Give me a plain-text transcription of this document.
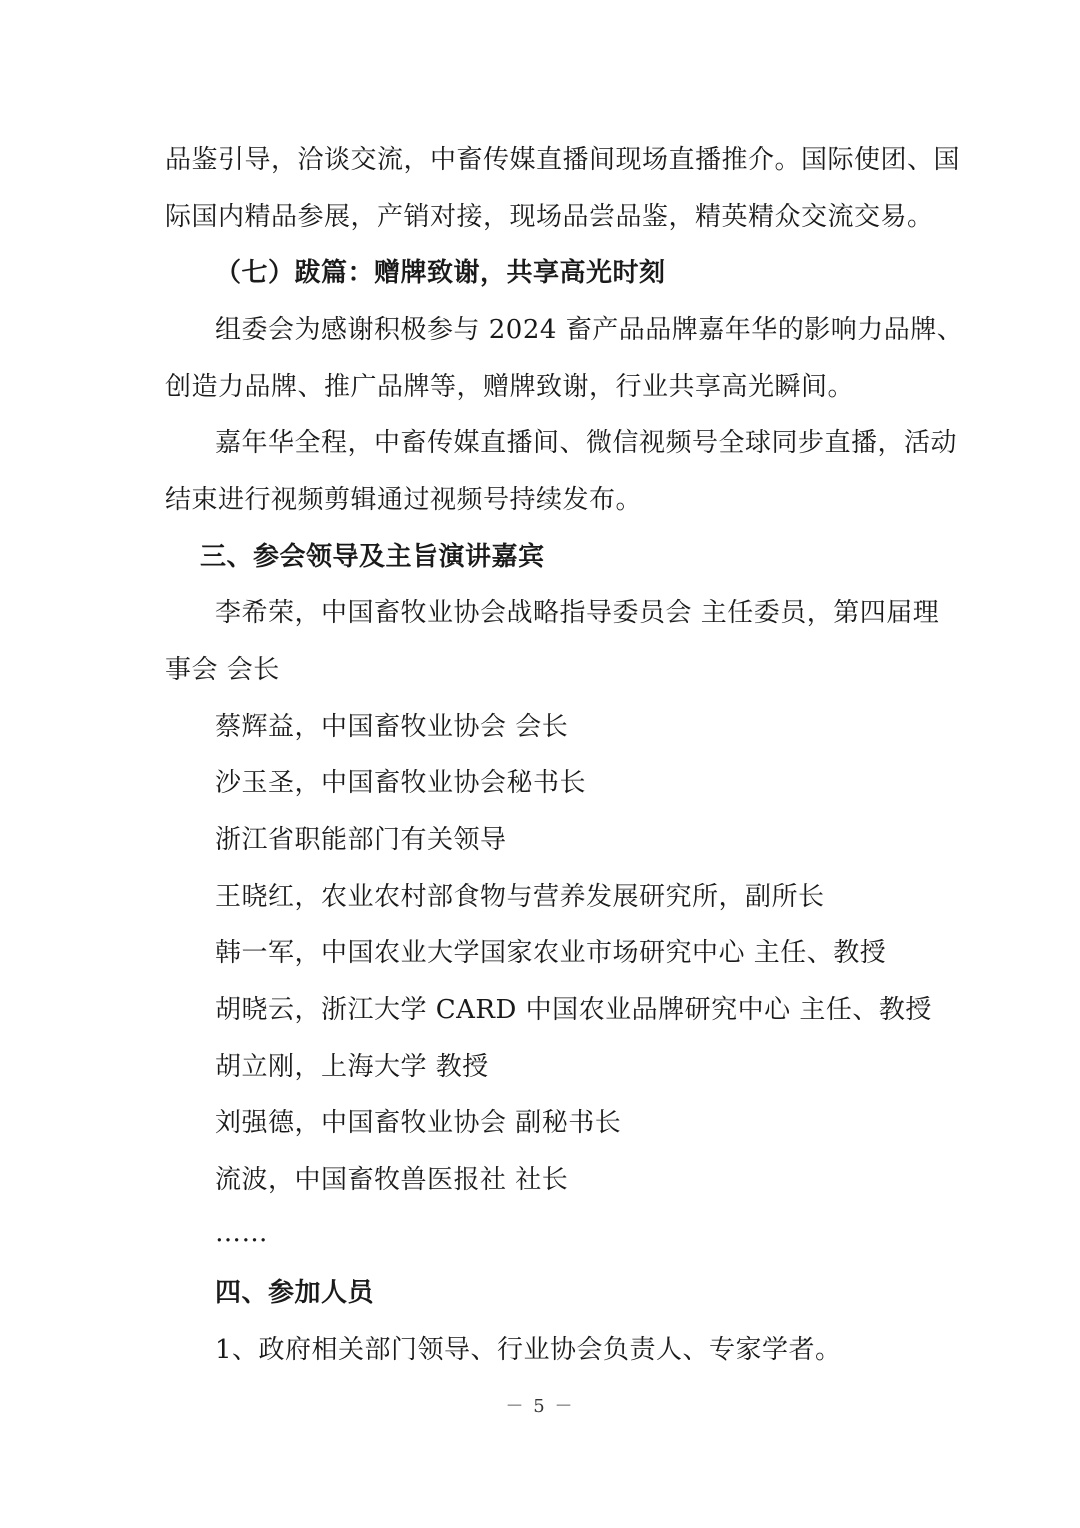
品鉴引导，洽谈交流，中畜传媒直播间现场直播推介。国际使团、国
际国内精品参展，产销对接，现场品尝品鉴，精英精众交流交易。
（七）跋篇：赠牌致谢，共享高光时刻
组委会为感谢积极参与 2024 畜产品品牌嘉年华的影响力品牌、
创造力品牌、推广品牌等，赠牌致谢，行业共享高光瞬间。
嘉年华全程，中畜传媒直播间、微信视频号全球同步直播，活动
结束进行视频剪辑通过视频号持续发布。
三、参会领导及主旨演讲嘉宾
李希荣，中国畜牧业协会战略指导委员会 主任委员，第四届理
事会 会长
蔡辉益，中国畜牧业协会 会长
沙玉圣，中国畜牧业协会秘书长
浙江省职能部门有关领导
王晓红，农业农村部食物与营养发展研究所，副所长
韩一军，中国农业大学国家农业市场研究中心 主任、教授
胡晓云，浙江大学 CARD 中国农业品牌研究中心 主任、教授
胡立刚，上海大学 教授
刘强德，中国畜牧业协会 副秘书长
流波，中国畜牧兽医报社 社长
……
四、参加人员
1、政府相关部门领导、行业协会负责人、专家学者。
－ 5 －
